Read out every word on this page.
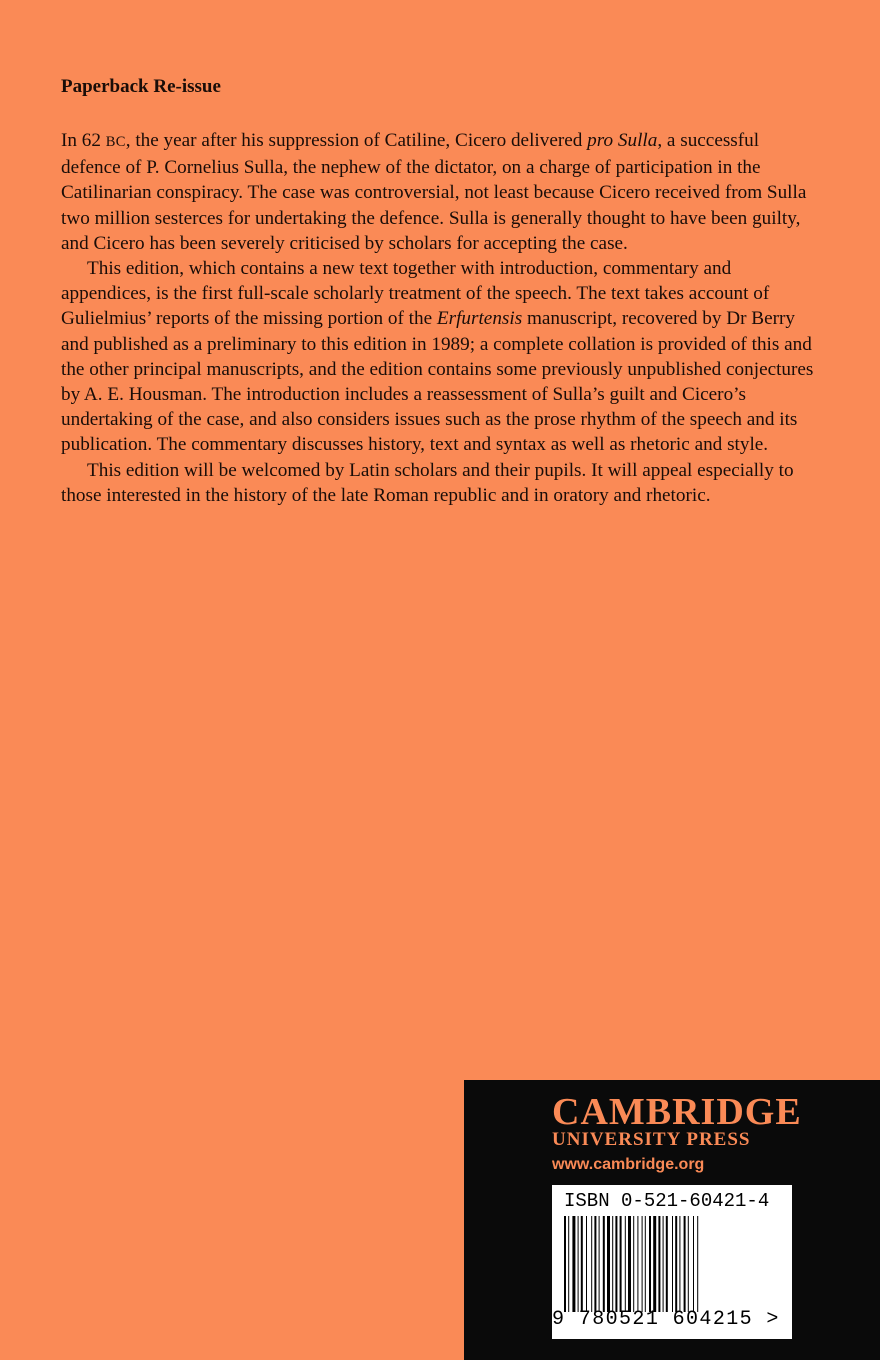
Paperback Re-issue

In 62 BC, the year after his suppression of Catiline, Cicero delivered pro Sulla, a successful defence of P. Cornelius Sulla, the nephew of the dictator, on a charge of participation in the Catilinarian conspiracy. The case was controversial, not least because Cicero received from Sulla two million sesterces for undertaking the defence. Sulla is generally thought to have been guilty, and Cicero has been severely criticised by scholars for accepting the case.

This edition, which contains a new text together with introduction, commentary and appendices, is the first full-scale scholarly treatment of the speech. The text takes account of Gulielmius’ reports of the missing portion of the Erfurtensis manuscript, recovered by Dr Berry and published as a preliminary to this edition in 1989; a complete collation is provided of this and the other principal manuscripts, and the edition contains some previously unpublished conjectures by A. E. Housman. The introduction includes a reassessment of Sulla’s guilt and Cicero’s undertaking of the case, and also considers issues such as the prose rhythm of the speech and its publication. The commentary discusses history, text and syntax as well as rhetoric and style.

This edition will be welcomed by Latin scholars and their pupils. It will appeal especially to those interested in the history of the late Roman republic and in oratory and rhetoric.

CAMBRIDGE
UNIVERSITY PRESS
www.cambridge.org
ISBN 0-521-60421-4
9 780521 604215 >
